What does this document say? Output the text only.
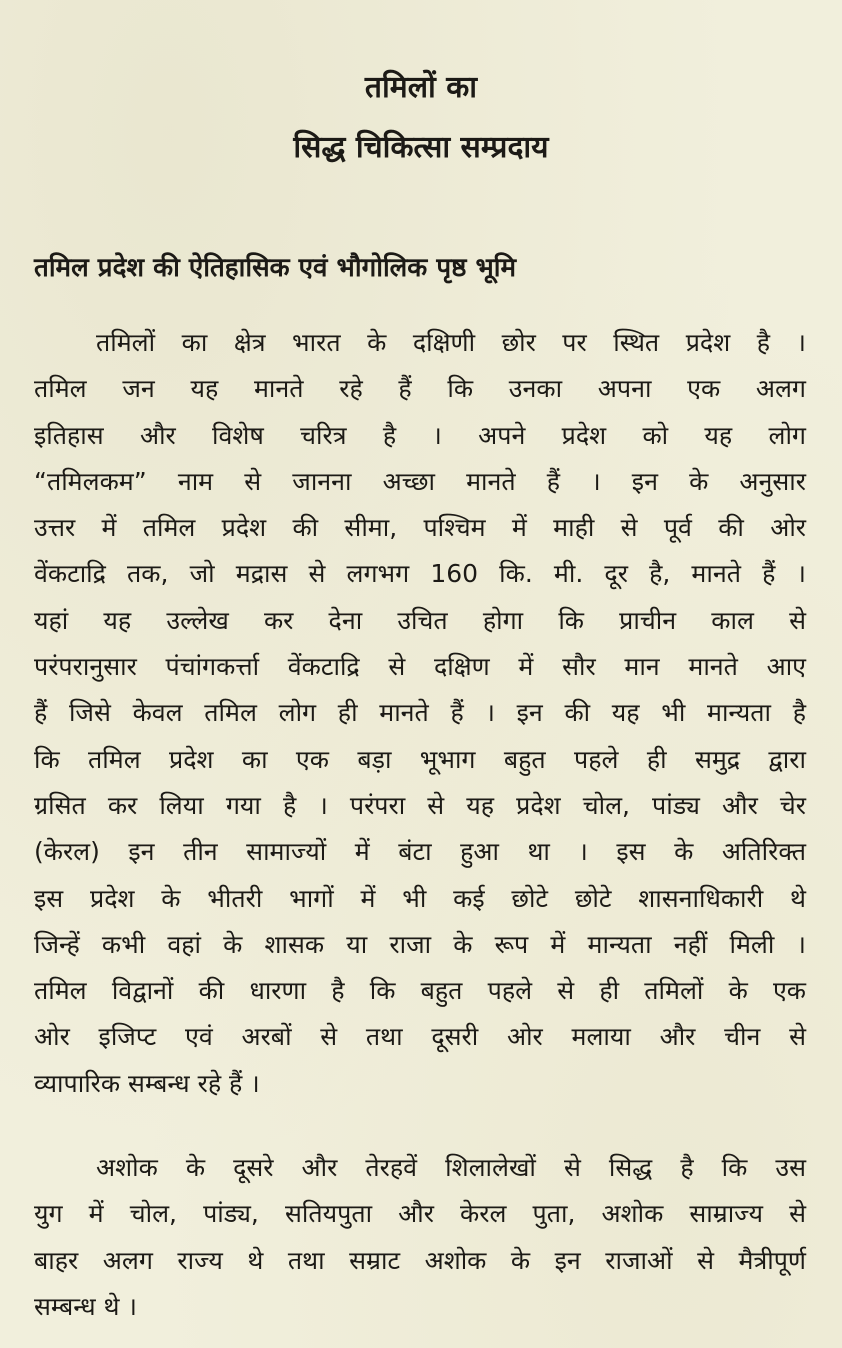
तमिलों का
सिद्ध चिकित्सा सम्प्रदाय
तमिल प्रदेश की ऐतिहासिक एवं भौगोलिक पृष्ठ भूमि
तमिलों का क्षेत्र भारत के दक्षिणी छोर पर स्थित प्रदेश है ।
तमिल जन यह मानते रहे हैं कि उनका अपना एक अलग
इतिहास और विशेष चरित्र है । अपने प्रदेश को यह लोग
“तमिलकम” नाम से जानना अच्छा मानते हैं । इन के अनुसार
उत्तर में तमिल प्रदेश की सीमा, पश्चिम में माही से पूर्व की ओर
वेंकटाद्रि तक, जो मद्रास से लगभग 160 कि. मी. दूर है, मानते हैं ।
यहां यह उल्लेख कर देना उचित होगा कि प्राचीन काल से
परंपरानुसार पंचांगकर्त्ता वेंकटाद्रि से दक्षिण में सौर मान मानते आए
हैं जिसे केवल तमिल लोग ही मानते हैं । इन की यह भी मान्यता है
कि तमिल प्रदेश का एक बड़ा भूभाग बहुत पहले ही समुद्र द्वारा
ग्रसित कर लिया गया है । परंपरा से यह प्रदेश चोल, पांड्य और चेर
(केरल) इन तीन सामाज्यों में बंटा हुआ था । इस के अतिरिक्त
इस प्रदेश के भीतरी भागों में भी कई छोटे छोटे शासनाधिकारी थे
जिन्हें कभी वहां के शासक या राजा के रूप में मान्यता नहीं मिली ।
तमिल विद्वानों की धारणा है कि बहुत पहले से ही तमिलों के एक
ओर इजिप्ट एवं अरबों से तथा दूसरी ओर मलाया और चीन से
व्यापारिक सम्बन्ध रहे हैं ।
अशोक के दूसरे और तेरहवें शिलालेखों से सिद्ध है कि उस
युग में चोल, पांड्य, सतियपुता और केरल पुता, अशोक साम्राज्य से
बाहर अलग राज्य थे तथा सम्राट अशोक के इन राजाओं से मैत्रीपूर्ण
सम्बन्ध थे ।
